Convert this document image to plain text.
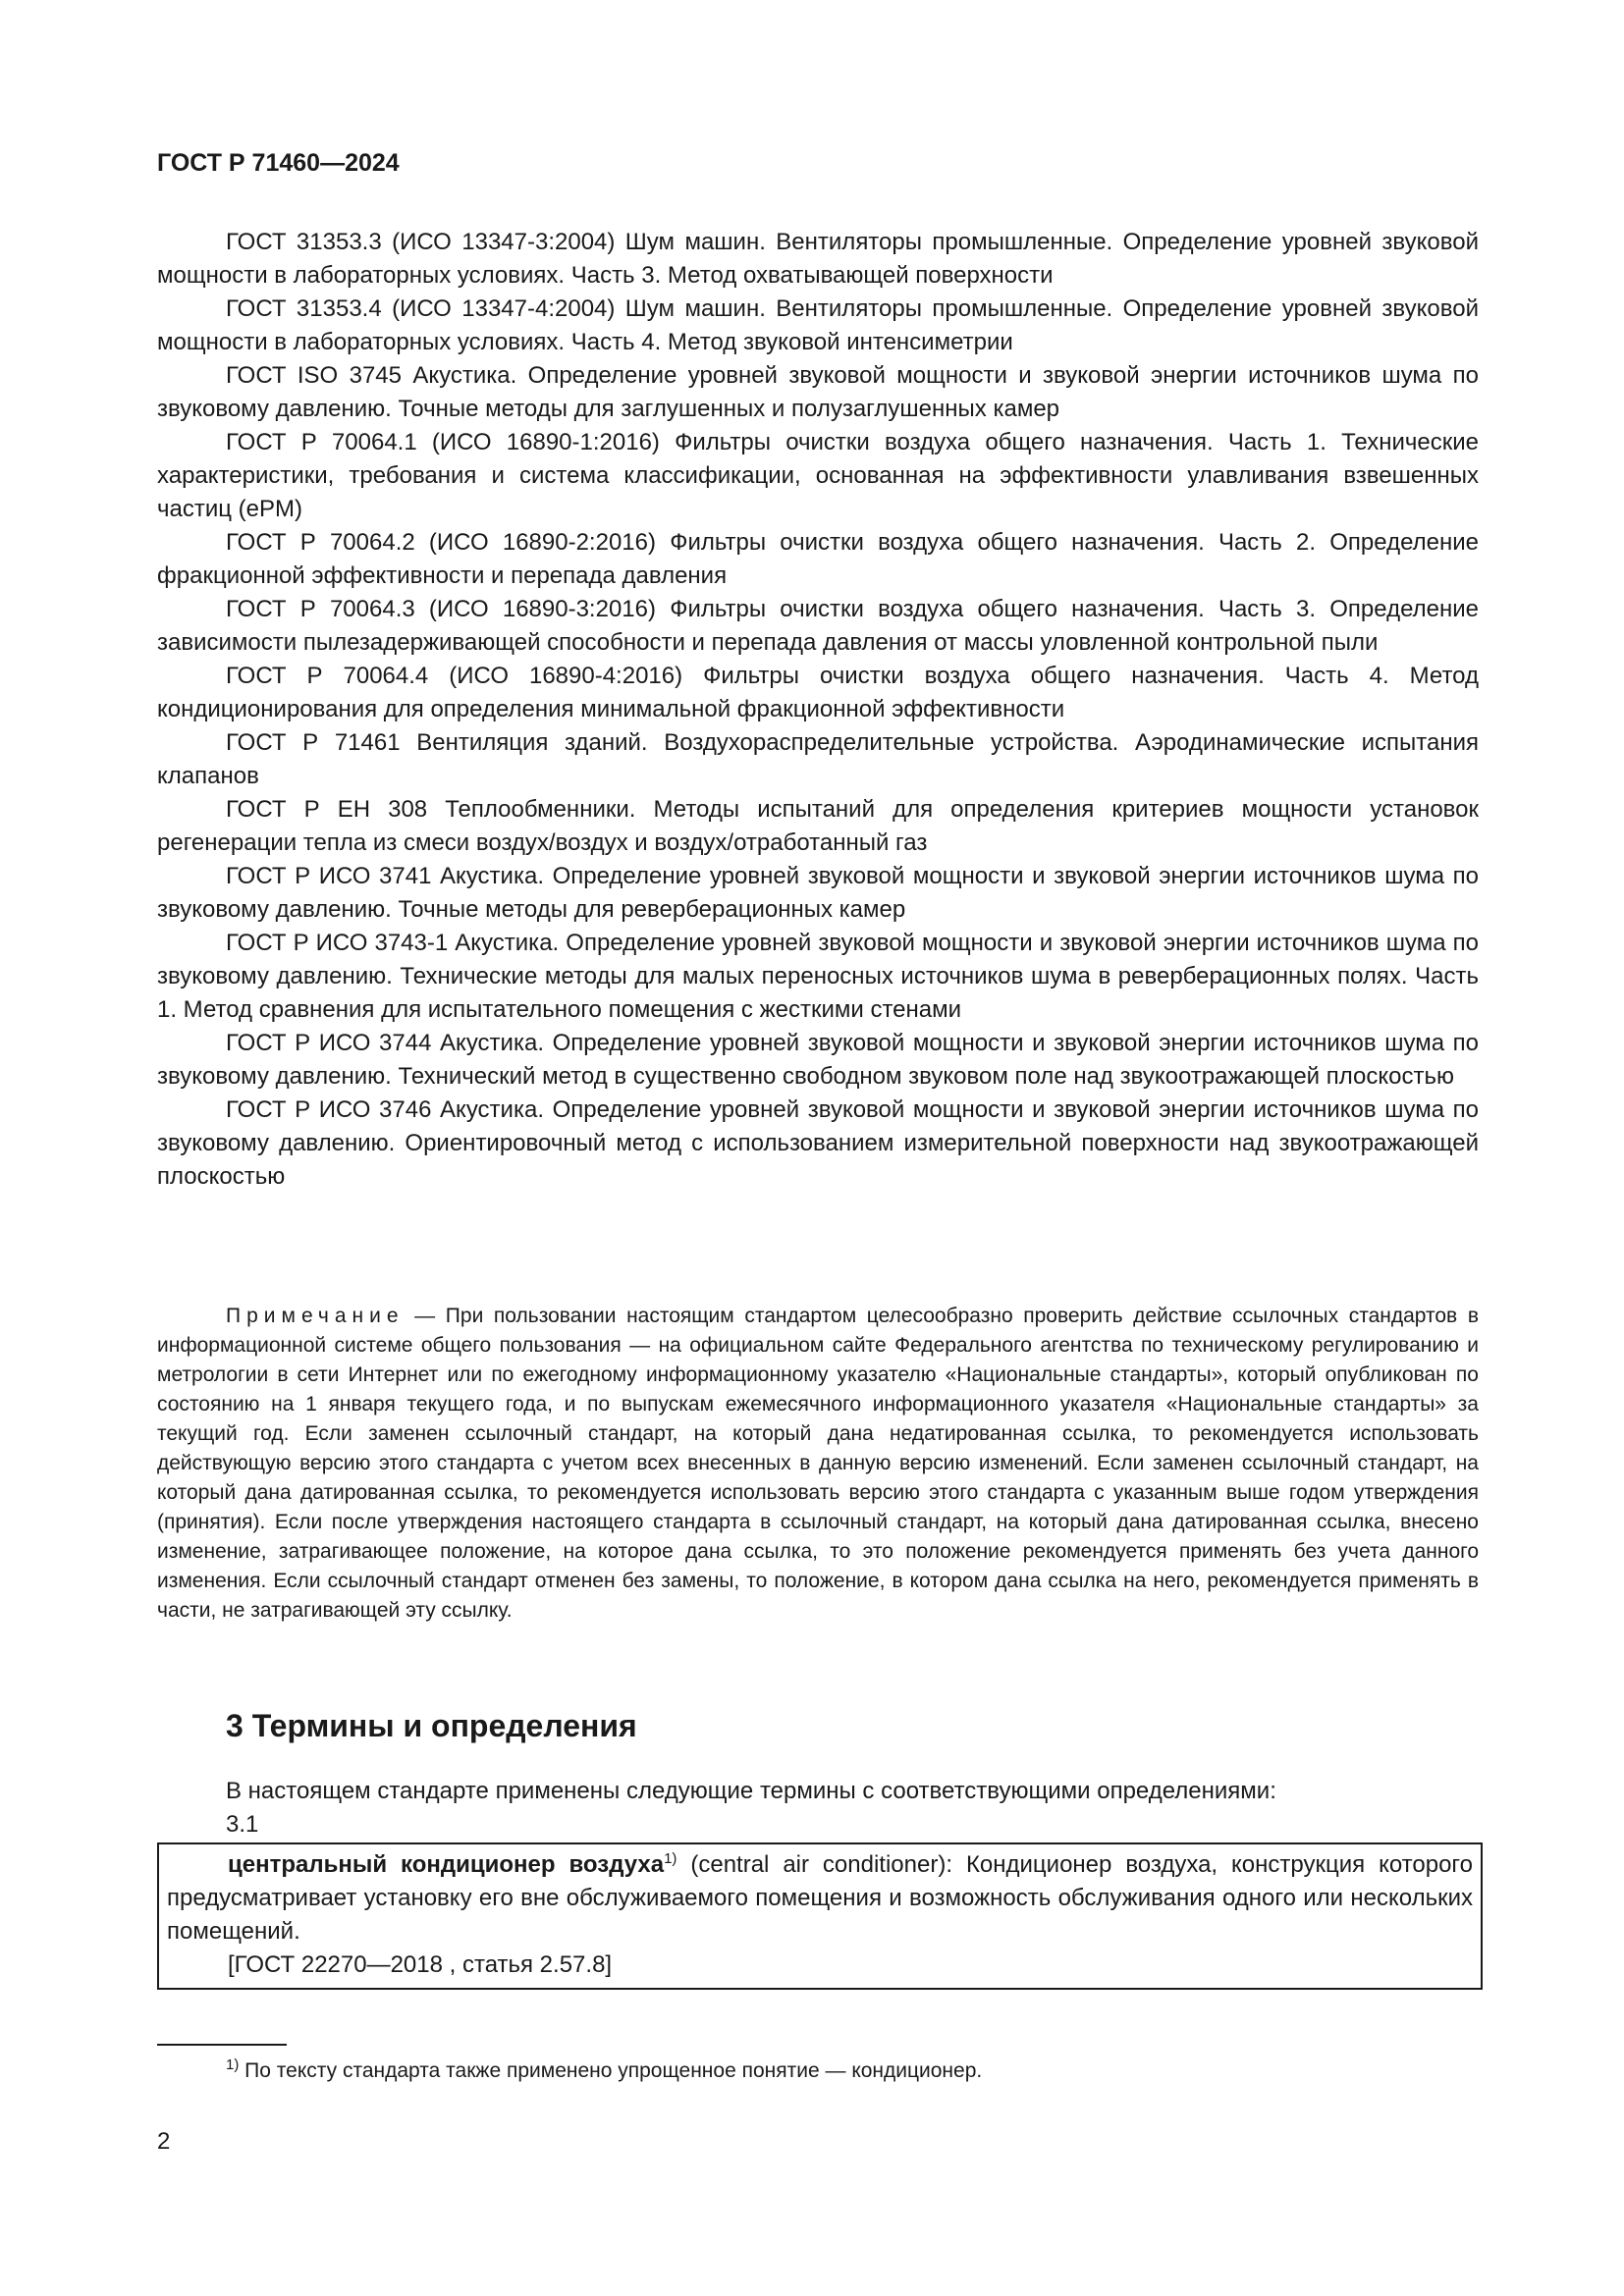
ГОСТ Р 71460—2024

ГОСТ 31353.3 (ИСО 13347-3:2004) Шум машин. Вентиляторы промышленные. Определение уровней звуковой мощности в лабораторных условиях. Часть 3. Метод охватывающей поверхности

ГОСТ 31353.4 (ИСО 13347-4:2004) Шум машин. Вентиляторы промышленные. Определение уровней звуковой мощности в лабораторных условиях. Часть 4. Метод звуковой интенсиметрии

ГОСТ ISO 3745 Акустика. Определение уровней звуковой мощности и звуковой энергии источников шума по звуковому давлению. Точные методы для заглушенных и полузаглушенных камер

ГОСТ Р 70064.1 (ИСО 16890-1:2016) Фильтры очистки воздуха общего назначения. Часть 1. Технические характеристики, требования и система классификации, основанная на эффективности улавливания взвешенных частиц (ePM)

ГОСТ Р 70064.2 (ИСО 16890-2:2016) Фильтры очистки воздуха общего назначения. Часть 2. Определение фракционной эффективности и перепада давления

ГОСТ Р 70064.3 (ИСО 16890-3:2016) Фильтры очистки воздуха общего назначения. Часть 3. Определение зависимости пылезадерживающей способности и перепада давления от массы уловленной контрольной пыли

ГОСТ Р 70064.4 (ИСО 16890-4:2016) Фильтры очистки воздуха общего назначения. Часть 4. Метод кондиционирования для определения минимальной фракционной эффективности

ГОСТ Р 71461 Вентиляция зданий. Воздухораспределительные устройства. Аэродинамические испытания клапанов

ГОСТ Р ЕН 308 Теплообменники. Методы испытаний для определения критериев мощности установок регенерации тепла из смеси воздух/воздух и воздух/отработанный газ

ГОСТ Р ИСО 3741 Акустика. Определение уровней звуковой мощности и звуковой энергии источников шума по звуковому давлению. Точные методы для реверберационных камер

ГОСТ Р ИСО 3743-1 Акустика. Определение уровней звуковой мощности и звуковой энергии источников шума по звуковому давлению. Технические методы для малых переносных источников шума в реверберационных полях. Часть 1. Метод сравнения для испытательного помещения с жесткими стенами

ГОСТ Р ИСО 3744 Акустика. Определение уровней звуковой мощности и звуковой энергии источников шума по звуковому давлению. Технический метод в существенно свободном звуковом поле над звукоотражающей плоскостью

ГОСТ Р ИСО 3746 Акустика. Определение уровней звуковой мощности и звуковой энергии источников шума по звуковому давлению. Ориентировочный метод с использованием измерительной поверхности над звукоотражающей плоскостью

Примечание — При пользовании настоящим стандартом целесообразно проверить действие ссылочных стандартов в информационной системе общего пользования — на официальном сайте Федерального агентства по техническому регулированию и метрологии в сети Интернет или по ежегодному информационному указателю «Национальные стандарты», который опубликован по состоянию на 1 января текущего года, и по выпускам ежемесячного информационного указателя «Национальные стандарты» за текущий год. Если заменен ссылочный стандарт, на который дана недатированная ссылка, то рекомендуется использовать действующую версию этого стандарта с учетом всех внесенных в данную версию изменений. Если заменен ссылочный стандарт, на который дана датированная ссылка, то рекомендуется использовать версию этого стандарта с указанным выше годом утверждения (принятия). Если после утверждения настоящего стандарта в ссылочный стандарт, на который дана датированная ссылка, внесено изменение, затрагивающее положение, на которое дана ссылка, то это положение рекомендуется применять без учета данного изменения. Если ссылочный стандарт отменен без замены, то положение, в котором дана ссылка на него, рекомендуется применять в части, не затрагивающей эту ссылку.

3 Термины и определения

В настоящем стандарте применены следующие термины с соответствующими определениями:

3.1

центральный кондиционер воздуха$^{1)}$ (central air conditioner): Кондиционер воздуха, конструкция которого предусматривает установку его вне обслуживаемого помещения и возможность обслуживания одного или нескольких помещений.

[ГОСТ 22270—2018 , статья 2.57.8]

$^{1)}$ По тексту стандарта также применено упрощенное понятие — кондиционер.

2
